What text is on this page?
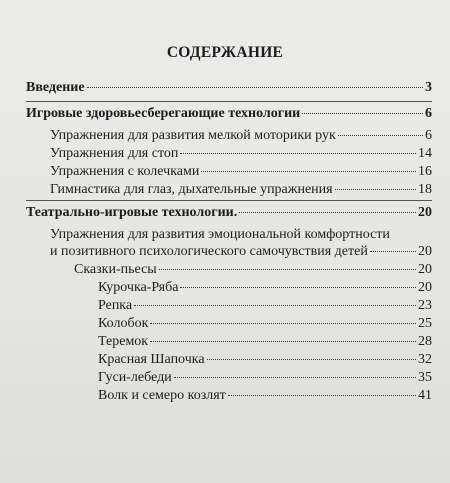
СОДЕРЖАНИЕ
Введение	3
Игровые здоровьесберегающие технологии	6
Упражнения для развития мелкой моторики рук	6
Упражнения для стоп	14
Упражнения с колечками	16
Гимнастика для глаз, дыхательные упражнения	18
Театрально-игровые технологии.	20
Упражнения для развития эмоциональной комфортности
и позитивного психологического самочувствия детей	20
Сказки-пьесы	20
Курочка-Ряба	20
Репка	23
Колобок	25
Теремок	28
Красная Шапочка	32
Гуси-лебеди	35
Волк и семеро козлят	41
